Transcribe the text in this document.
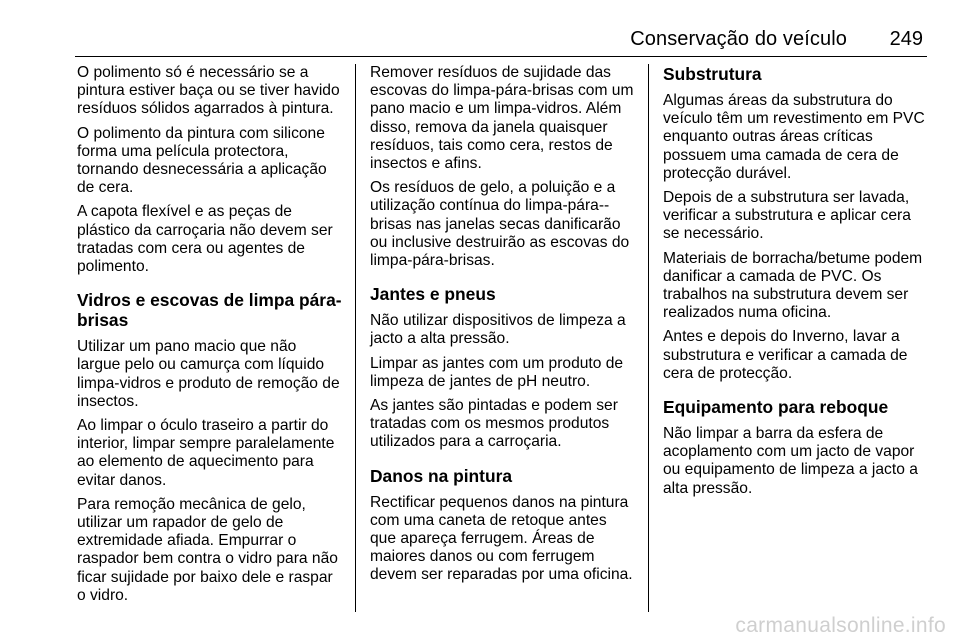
Conservação do veículo 249

O polimento só é necessário se a pintura estiver baça ou se tiver havido resíduos sólidos agarrados à pintura.

O polimento da pintura com silicone forma uma película protectora, tornando desnecessária a aplicação de cera.

A capota flexível e as peças de plástico da carroçaria não devem ser tratadas com cera ou agentes de polimento.

Vidros e escovas de limpa pára-brisas

Utilizar um pano macio que não largue pelo ou camurça com líquido limpa-vidros e produto de remoção de insectos.

Ao limpar o óculo traseiro a partir do interior, limpar sempre paralelamente ao elemento de aquecimento para evitar danos.

Para remoção mecânica de gelo, utilizar um rapador de gelo de extremidade afiada. Empurrar o raspador bem contra o vidro para não ficar sujidade por baixo dele e raspar o vidro.

Remover resíduos de sujidade das escovas do limpa-pára-brisas com um pano macio e um limpa-vidros. Além disso, remova da janela quaisquer resíduos, tais como cera, restos de insectos e afins.

Os resíduos de gelo, a poluição e a utilização contínua do limpa-pára--brisas nas janelas secas danificarão ou inclusive destruirão as escovas do limpa-pára-brisas.

Jantes e pneus

Não utilizar dispositivos de limpeza a jacto a alta pressão.

Limpar as jantes com um produto de limpeza de jantes de pH neutro.

As jantes são pintadas e podem ser tratadas com os mesmos produtos utilizados para a carroçaria.

Danos na pintura

Rectificar pequenos danos na pintura com uma caneta de retoque antes que apareça ferrugem. Áreas de maiores danos ou com ferrugem devem ser reparadas por uma oficina.

Substrutura

Algumas áreas da substrutura do veículo têm um revestimento em PVC enquanto outras áreas críticas possuem uma camada de cera de protecção durável.

Depois de a substrutura ser lavada, verificar a substrutura e aplicar cera se necessário.

Materiais de borracha/betume podem danificar a camada de PVC. Os trabalhos na substrutura devem ser realizados numa oficina.

Antes e depois do Inverno, lavar a substrutura e verificar a camada de cera de protecção.

Equipamento para reboque

Não limpar a barra da esfera de acoplamento com um jacto de vapor ou equipamento de limpeza a jacto a alta pressão.

carmanualsonline.info
